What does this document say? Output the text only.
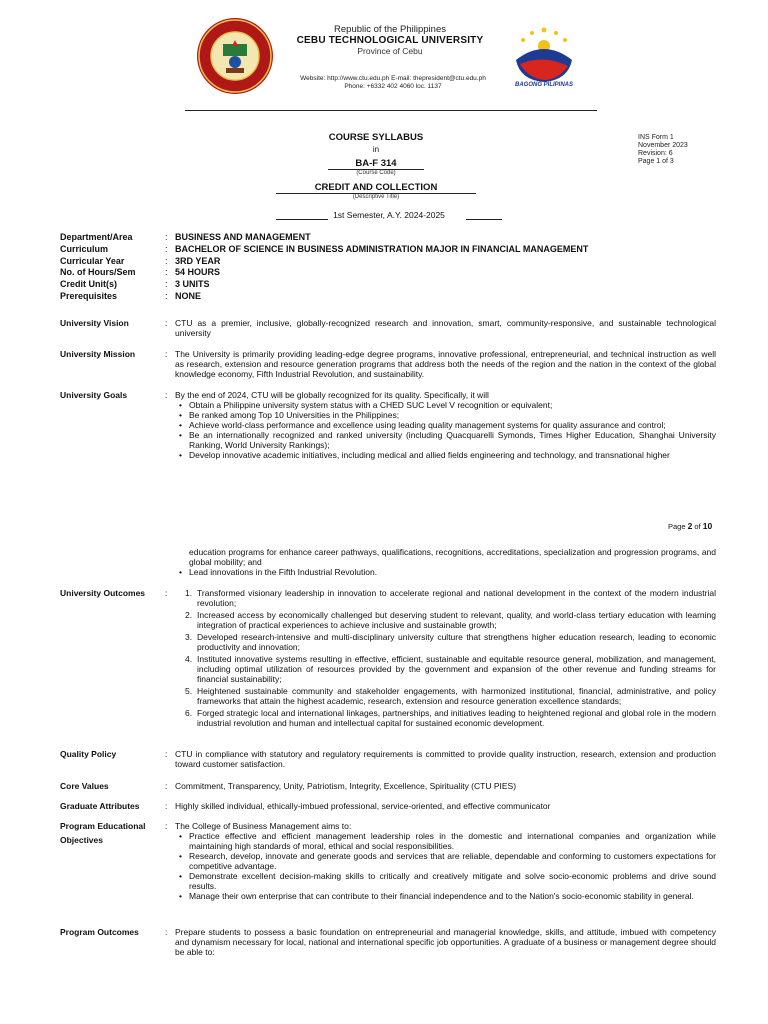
Republic of the Philippines
CEBU TECHNOLOGICAL UNIVERSITY
Province of Cebu
Website: http://www.ctu.edu.ph E-mail: thepresident@ctu.edu.ph
Phone: +6332 402 4060 loc. 1137	BAGONG PILIPINAS
COURSE SYLLABUS
in
BA-F 314
(Course Code)
CREDIT AND COLLECTION
(Descriptive Title)
INS Form 1
November 2023
Revision: 6
Page 1 of 3
1st Semester, A.Y. 2024-2025
Department/Area	: BUSINESS AND MANAGEMENT
Curriculum	: BACHELOR OF SCIENCE IN BUSINESS ADMINISTRATION MAJOR IN FINANCIAL MANAGEMENT
Curricular Year	: 3RD YEAR
No. of Hours/Sem	: 54 HOURS
Credit Unit(s)	: 3 UNITS
Prerequisites	: NONE
University Vision	: CTU as a premier, inclusive, globally-recognized research and innovation, smart, community-responsive, and sustainable technological university
University Mission	: The University is primarily providing leading-edge degree programs, innovative professional, entrepreneurial, and technical instruction as well as research, extension and resource generation programs that address both the needs of the region and the nation in the context of the global knowledge economy, Fifth Industrial Revolution, and sustainability.
University Goals	: By the end of 2024, CTU will be globally recognized for its quality. Specifically, it will
• Obtain a Philippine university system status with a CHED SUC Level V recognition or equivalent;
• Be ranked among Top 10 Universities in the Philippines;
• Achieve world-class performance and excellence using leading quality management systems for quality assurance and control;
• Be an internationally recognized and ranked university (including Quacquarelli Symonds, Times Higher Education, Shanghai University Ranking, World University Rankings);
• Develop innovative academic initiatives, including medical and allied fields engineering and technology, and transnational higher
Page 2 of 10
education programs for enhance career pathways, qualifications, recognitions, accreditations, specialization and progression programs, and global mobility; and
• Lead innovations in the Fifth Industrial Revolution.
University Outcomes	:	1. Transformed visionary leadership in innovation to accelerate regional and national development in the context of the modern industrial revolution;
2. Increased access by economically challenged but deserving student to relevant, quality, and world-class tertiary education with learning integration of practical experiences to achieve inclusive and sustainable growth;
3. Developed research-intensive and multi-disciplinary university culture that strengthens higher education research, leading to economic productivity and innovation;
4. Instituted innovative systems resulting in effective, efficient, sustainable and equitable resource general, mobilization, and management, including optimal utilization of resources provided by the government and expansion of the other revenue and funding streams for financial sustainability;
5. Heightened sustainable community and stakeholder engagements, with harmonized institutional, financial, administrative, and policy frameworks that attain the highest academic, research, extension and resource generation excellence standards;
6. Forged strategic local and international linkages, partnerships, and initiatives leading to heightened regional and global role in the modern industrial revolution and human and intellectual capital for sustained economic development.
Quality Policy	: CTU in compliance with statutory and regulatory requirements is committed to provide quality instruction, research, extension and production toward customer satisfaction.
Core Values	: Commitment, Transparency, Unity, Patriotism, Integrity, Excellence, Spirituality (CTU PIES)
Graduate Attributes	: Highly skilled individual, ethically-imbued professional, service-oriented, and effective communicator
Program Educational
Objectives
: The College of Business Management aims to:
• Practice effective and efficient management leadership roles in the domestic and international companies and organization while maintaining high standards of moral, ethical and social responsibilities.
• Research, develop, innovate and generate goods and services that are reliable, dependable and conforming to customers expectations for competitive advantage.
• Demonstrate excellent decision-making skills to critically and creatively mitigate and solve socio-economic problems and drive sound results.
• Manage their own enterprise that can contribute to their financial independence and to the Nation's socio-economic stability in general.
Program Outcomes	: Prepare students to possess a basic foundation on entrepreneurial and managerial knowledge, skills, and attitude, imbued with competency and dynamism necessary for local, national and international specific job opportunities. A graduate of a business or management degree should be able to:
